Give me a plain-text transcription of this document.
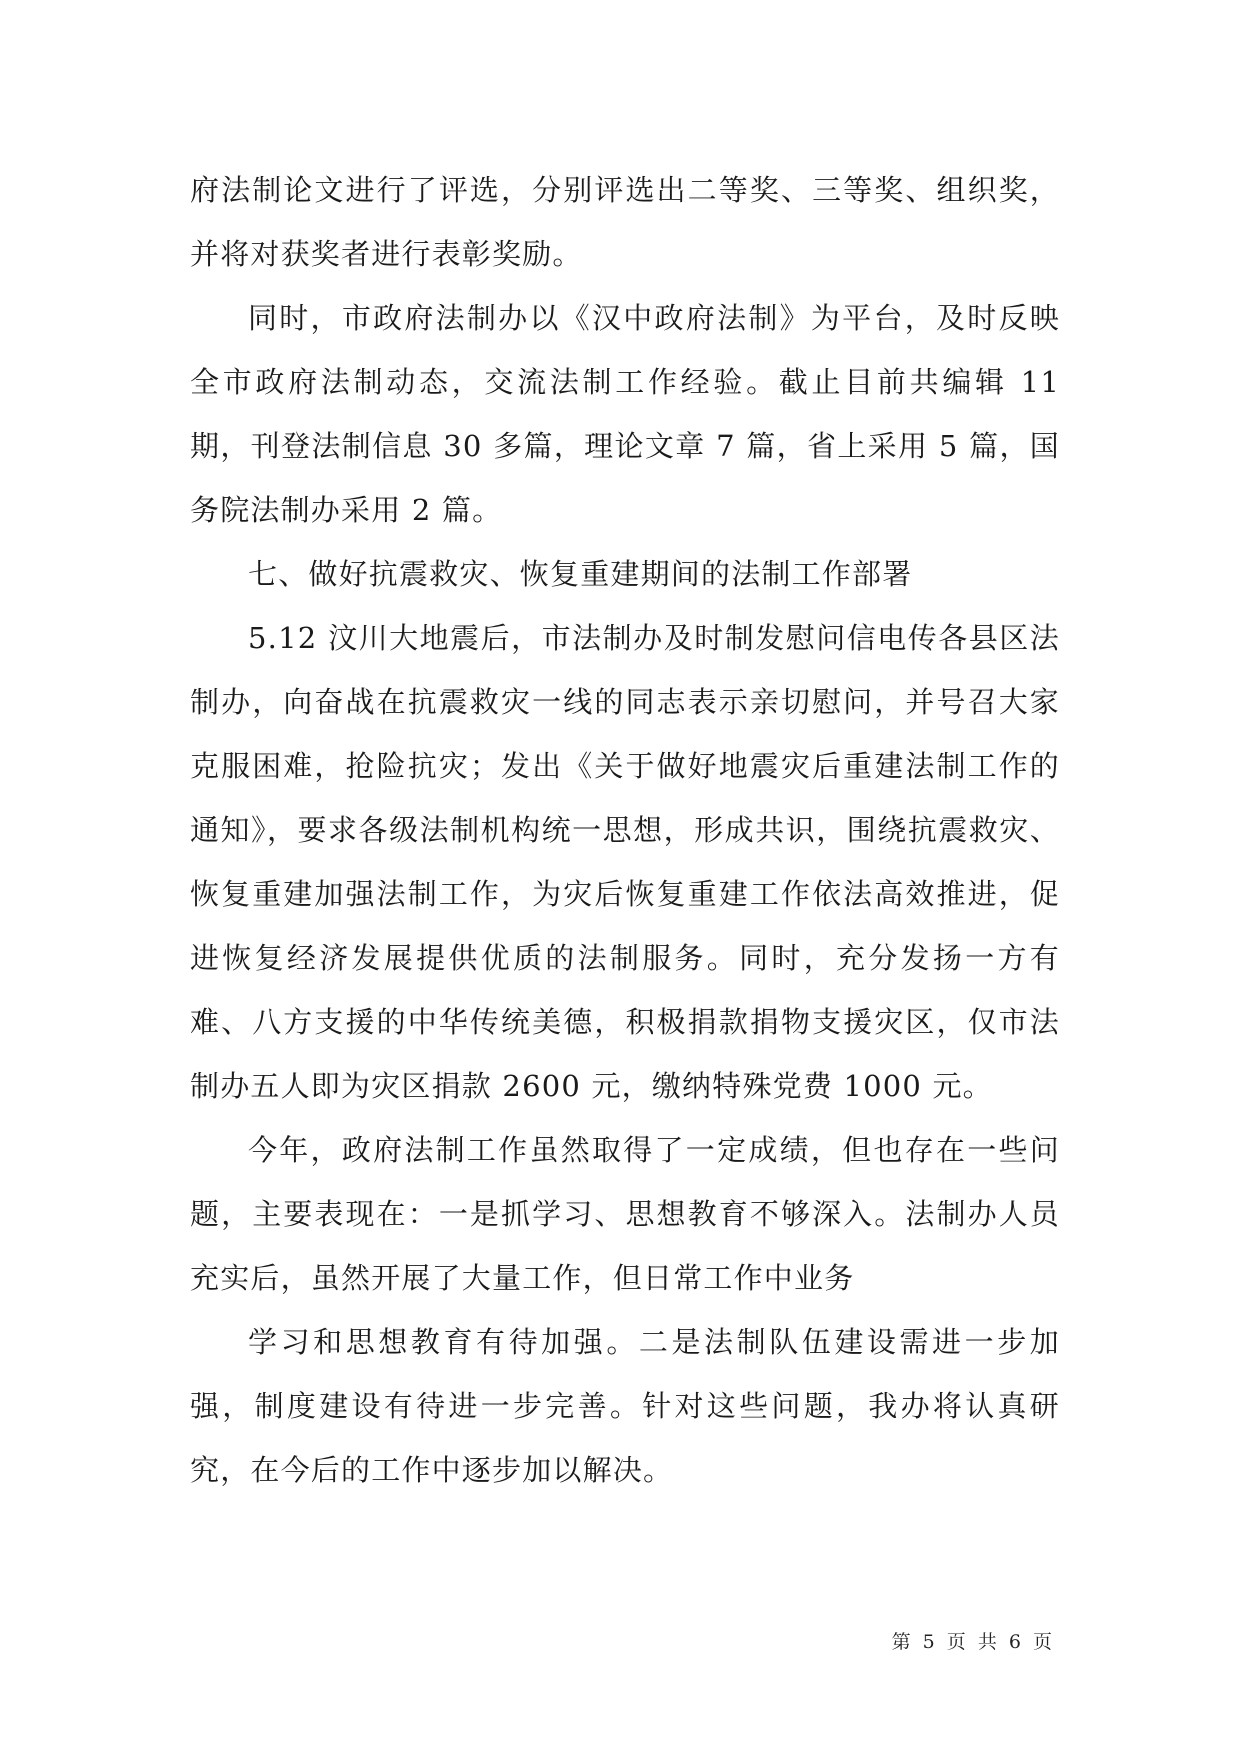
府法制论文进行了评选，分别评选出二等奖、三等奖、组织奖，并将对获奖者进行表彰奖励。

同时，市政府法制办以《汉中政府法制》为平台，及时反映全市政府法制动态，交流法制工作经验。截止目前共编辑 11 期，刊登法制信息 30 多篇，理论文章 7 篇，省上采用 5 篇，国务院法制办采用 2 篇。

七、做好抗震救灾、恢复重建期间的法制工作部署

5.12 汶川大地震后，市法制办及时制发慰问信电传各县区法制办，向奋战在抗震救灾一线的同志表示亲切慰问，并号召大家克服困难，抢险抗灾；发出《关于做好地震灾后重建法制工作的通知》，要求各级法制机构统一思想，形成共识，围绕抗震救灾、恢复重建加强法制工作，为灾后恢复重建工作依法高效推进，促进恢复经济发展提供优质的法制服务。同时，充分发扬一方有难、八方支援的中华传统美德，积极捐款捐物支援灾区，仅市法制办五人即为灾区捐款 2600 元，缴纳特殊党费 1000 元。

今年，政府法制工作虽然取得了一定成绩，但也存在一些问题，主要表现在：一是抓学习、思想教育不够深入。法制办人员充实后，虽然开展了大量工作，但日常工作中业务

学习和思想教育有待加强。二是法制队伍建设需进一步加强，制度建设有待进一步完善。针对这些问题，我办将认真研究，在今后的工作中逐步加以解决。

第 5 页 共 6 页
